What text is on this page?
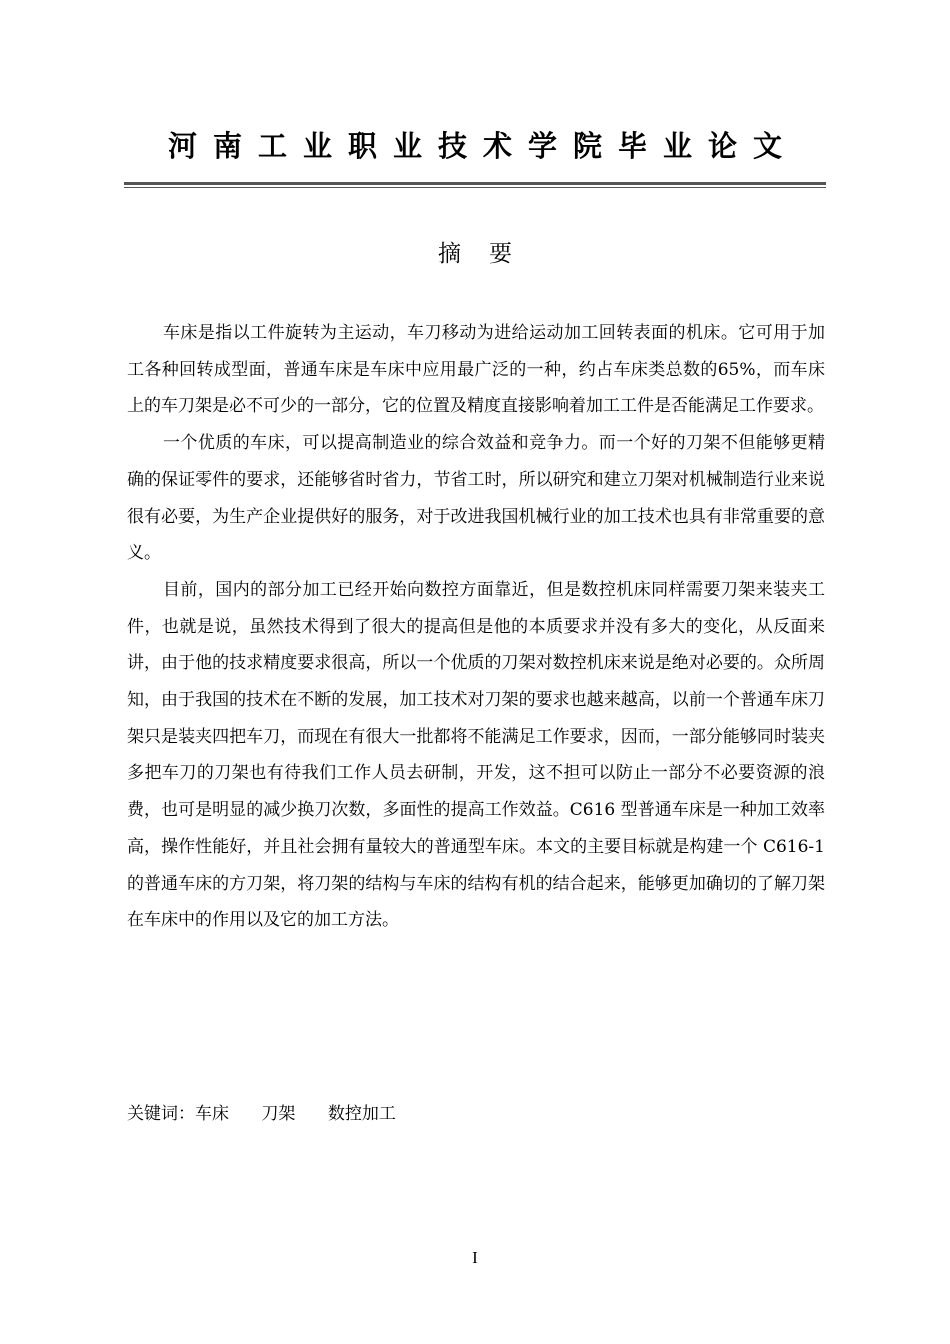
河南工业职业技术学院毕业论文
摘要

车床是指以工件旋转为主运动，车刀移动为进给运动加工回转表面的机床。它可用于加工各种回转成型面，普通车床是车床中应用最广泛的一种，约占车床类总数的65%，而车床上的车刀架是必不可少的一部分，它的位置及精度直接影响着加工工件是否能满足工作要求。

一个优质的车床，可以提高制造业的综合效益和竞争力。而一个好的刀架不但能够更精确的保证零件的要求，还能够省时省力，节省工时，所以研究和建立刀架对机械制造行业来说很有必要，为生产企业提供好的服务，对于改进我国机械行业的加工技术也具有非常重要的意义。

目前，国内的部分加工已经开始向数控方面靠近，但是数控机床同样需要刀架来装夹工件，也就是说，虽然技术得到了很大的提高但是他的本质要求并没有多大的变化，从反面来讲，由于他的技求精度要求很高，所以一个优质的刀架对数控机床来说是绝对必要的。众所周知，由于我国的技术在不断的发展，加工技术对刀架的要求也越来越高，以前一个普通车床刀架只是装夹四把车刀，而现在有很大一批都将不能满足工作要求，因而，一部分能够同时装夹多把车刀的刀架也有待我们工作人员去研制，开发，这不担可以防止一部分不必要资源的浪费，也可是明显的减少换刀次数，多面性的提高工作效益。C616 型普通车床是一种加工效率高，操作性能好，并且社会拥有量较大的普通型车床。本文的主要目标就是构建一个 C616-1 的普通车床的方刀架，将刀架的结构与车床的结构有机的结合起来，能够更加确切的了解刀架在车床中的作用以及它的加工方法。

关键词：车床 刀架 数控加工
I
